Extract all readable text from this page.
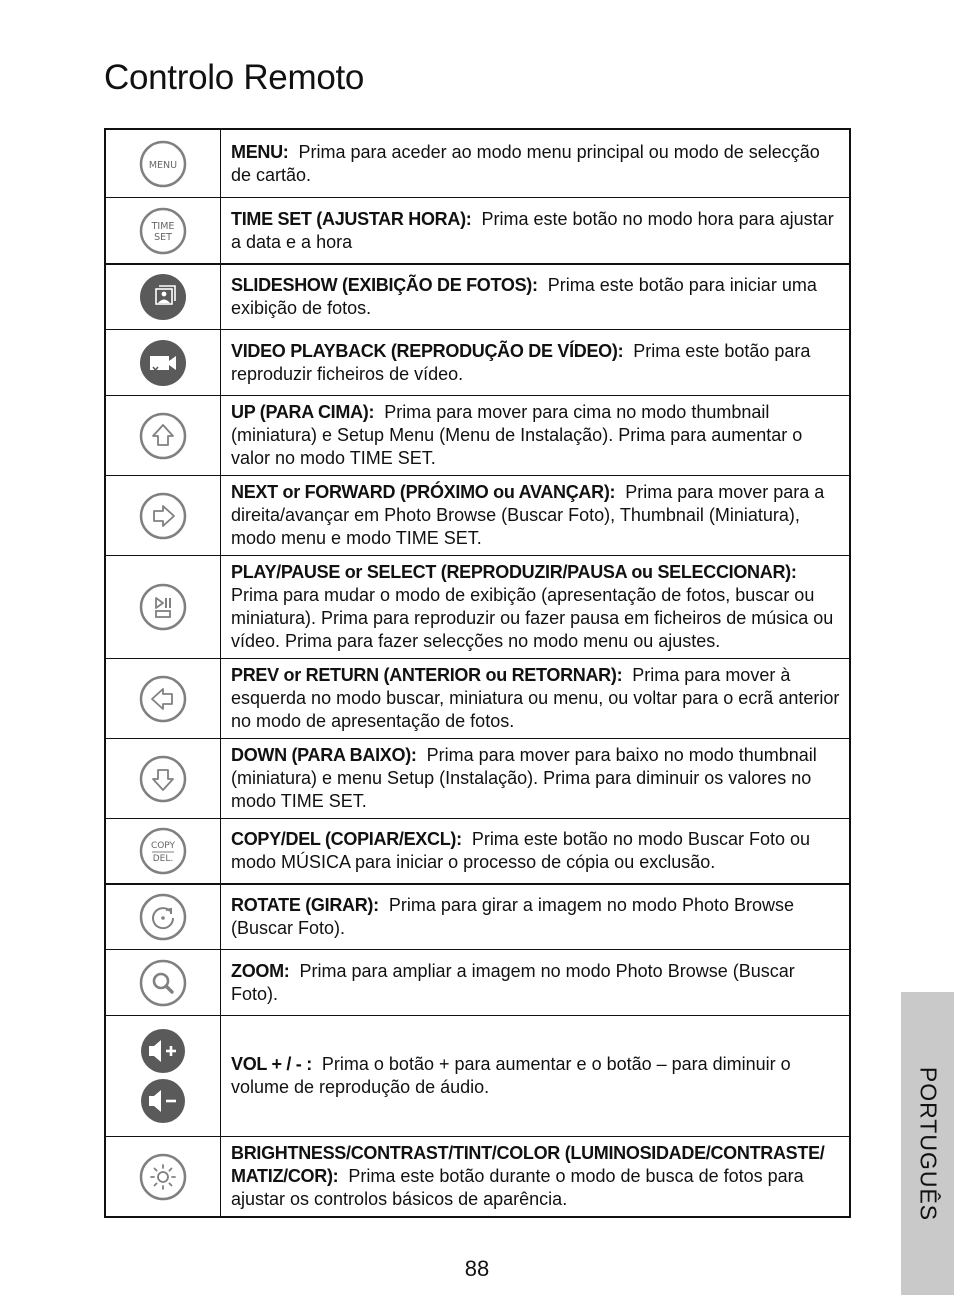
Controlo Remoto
MENU

MENU: Prima para aceder ao modo menu principal ou modo de selecção de cartão.

TIME
SET

TIME SET (AJUSTAR HORA): Prima este botão no modo hora para ajustar a data e a hora

SLIDESHOW (EXIBIÇÃO DE FOTOS): Prima este botão para iniciar uma exibição de fotos.

VIDEO PLAYBACK (REPRODUÇÃO DE VÍDEO): Prima este botão para reproduzir ficheiros de vídeo.

UP (PARA CIMA): Prima para mover para cima no modo thumbnail (miniatura) e Setup Menu (Menu de Instalação). Prima para aumentar o valor no modo TIME SET.

NEXT or FORWARD (PRÓXIMO ou AVANÇAR): Prima para mover para a direita/avançar em Photo Browse (Buscar Foto), Thumbnail (Miniatura), modo menu e modo TIME SET.

PLAY/PAUSE or SELECT (REPRODUZIR/PAUSA ou SELECCIONAR):  Prima para mudar o modo de exibição (apresentação de fotos, buscar ou miniatura). Prima para reproduzir ou fazer pausa em ficheiros de música ou vídeo. Prima para fazer selecções no modo menu ou ajustes.

PREV or RETURN (ANTERIOR ou RETORNAR): Prima para mover à esquerda no modo buscar, miniatura ou menu, ou voltar para o ecrã anterior no modo de apresentação de fotos.

DOWN (PARA BAIXO): Prima para mover para baixo no modo thumbnail (miniatura) e menu Setup (Instalação). Prima para diminuir os valores no modo TIME SET.

COPY
DEL.

COPY/DEL (COPIAR/EXCL): Prima este botão no modo Buscar Foto ou modo MÚSICA para iniciar o processo de cópia ou exclusão.

ROTATE (GIRAR): Prima para girar a imagem no modo Photo Browse (Buscar Foto).

ZOOM: Prima para ampliar a imagem no modo Photo Browse (Buscar Foto).

VOL + / - : Prima o botão + para aumentar e o botão – para diminuir o volume de reprodução de áudio.

BRIGHTNESS/CONTRAST/TINT/COLOR (LUMINOSIDADE/CONTRASTE/ MATIZ/COR): Prima este botão durante o modo de busca de fotos para ajustar os controlos básicos de aparência.	PORTUGUÊS
88
